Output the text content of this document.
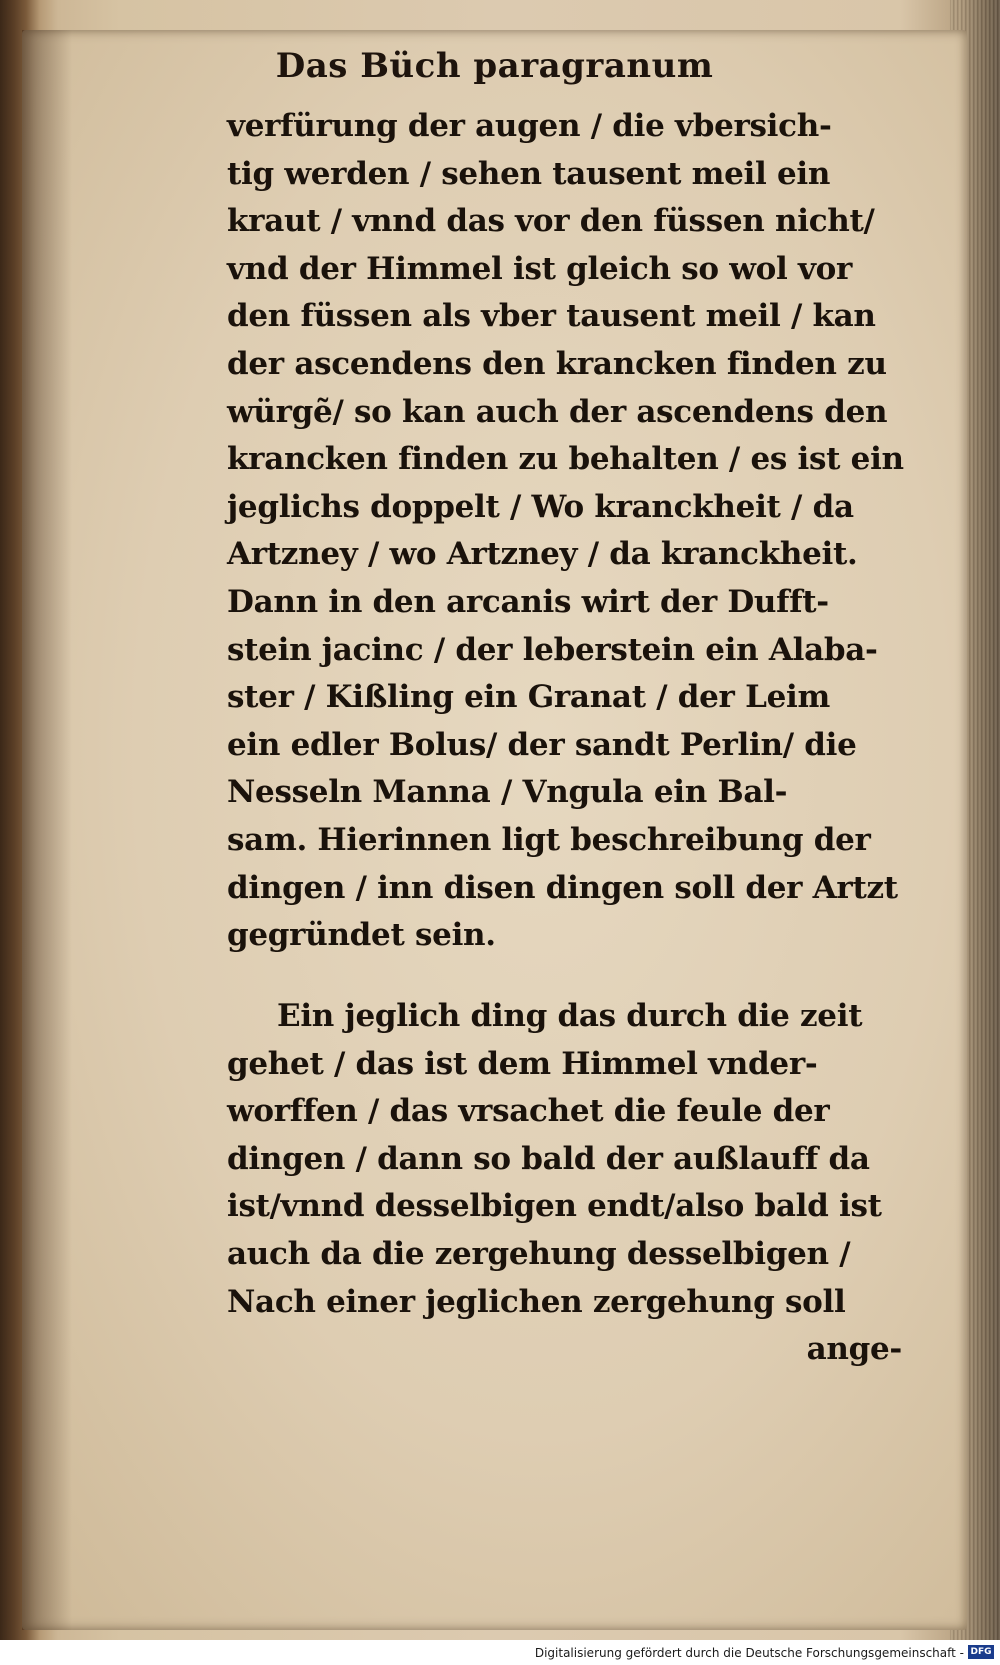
Das Büch paragranum
verfürung der augen / die vbersich-
tig werden / sehen tausent meil ein
kraut / vnnd das vor den füssen nicht/
vnd der Himmel ist gleich so wol vor
den füssen als vber tausent meil / kan
der ascendens den krancken finden zu
würgẽ/ so kan auch der ascendens den
krancken finden zu behalten / es ist ein
jeglichs doppelt / Wo kranckheit / da
Artzney / wo Artzney / da kranckheit.
Dann in den arcanis wirt der Dufft-
stein jacinc / der leberstein ein Alaba-
ster / Kißling ein Granat / der Leim
ein edler Bolus/ der sandt Perlin/ die
Nesseln Manna / Vngula ein Bal-
sam. Hierinnen ligt beschreibung der
dingen / inn disen dingen soll der Artzt
gegründet sein.
Ein jeglich ding das durch die zeit
gehet / das ist dem Himmel vnder-
worffen / das vrsachet die feule der
dingen / dann so bald der außlauff da
ist/vnnd desselbigen endt/also bald ist
auch da die zergehung desselbigen /
Nach einer jeglichen zergehung soll
ange-
Digitalisierung gefördert durch die Deutsche Forschungsgemeinschaft - DFG
